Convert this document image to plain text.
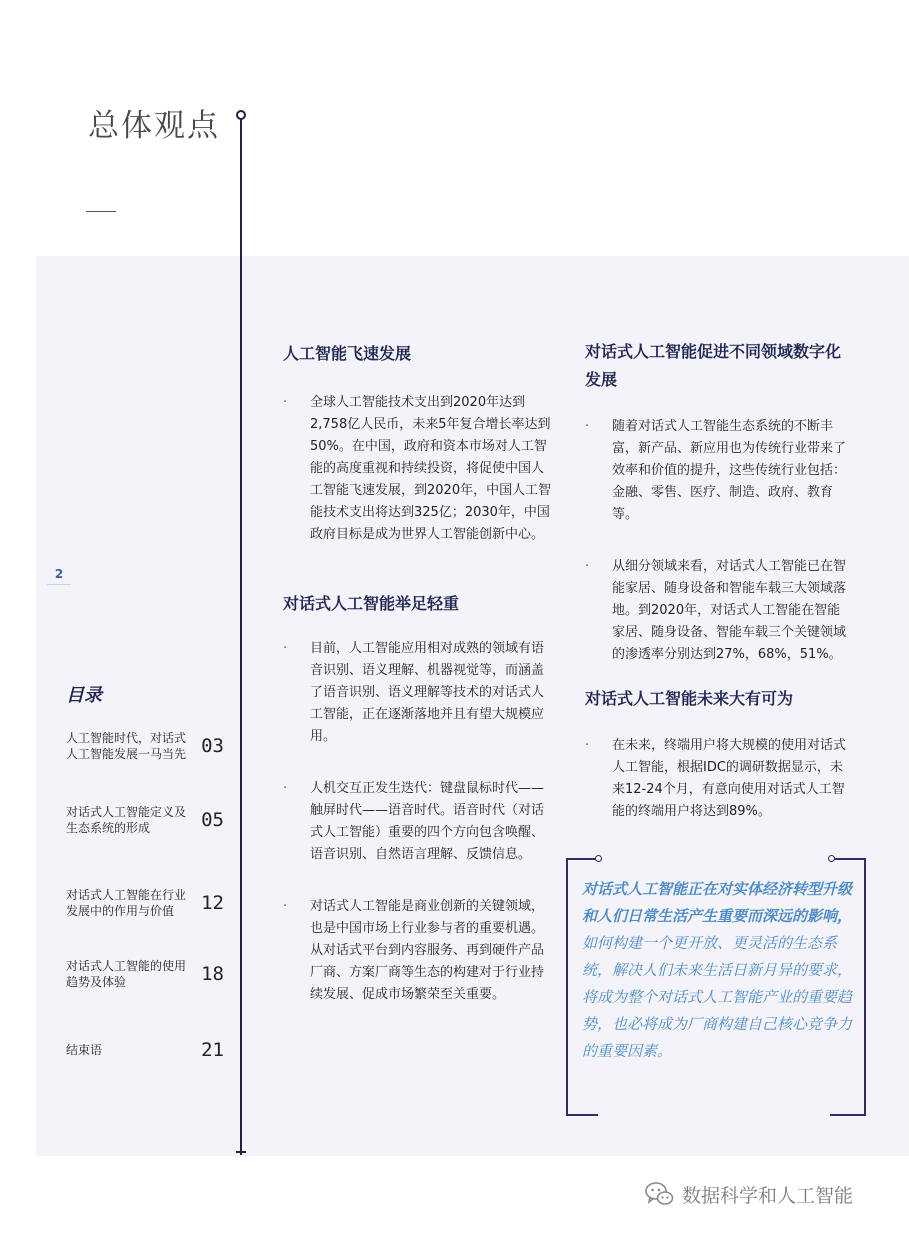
总体观点
2
目录
人工智能时代，对话式人工智能发展一马当先 03
对话式人工智能定义及生态系统的形成	05
对话式人工智能在行业发展中的作用与价值	12
对话式人工智能的使用趋势及体验	18
结束语	21
人工智能飞速发展
· 全球人工智能技术支出到2020年达到2,758亿人民币，未来5年复合增长率达到50%。在中国，政府和资本市场对人工智能的高度重视和持续投资，将促使中国人工智能飞速发展，到2020年，中国人工智能技术支出将达到325亿；2030年，中国政府目标是成为世界人工智能创新中心。
对话式人工智能举足轻重
· 目前，人工智能应用相对成熟的领域有语音识别、语义理解、机器视觉等，而涵盖了语音识别、语义理解等技术的对话式人工智能，正在逐渐落地并且有望大规模应用。
· 人机交互正发生迭代：键盘鼠标时代——触屏时代——语音时代。语音时代（对话式人工智能）重要的四个方向包含唤醒、语音识别、自然语言理解、反馈信息。
· 对话式人工智能是商业创新的关键领域，也是中国市场上行业参与者的重要机遇。从对话式平台到内容服务、再到硬件产品厂商、方案厂商等生态的构建对于行业持续发展、促成市场繁荣至关重要。
对话式人工智能促进不同领域数字化发展
· 随着对话式人工智能生态系统的不断丰富，新产品、新应用也为传统行业带来了效率和价值的提升，这些传统行业包括：金融、零售、医疗、制造、政府、教育等。
· 从细分领域来看，对话式人工智能已在智能家居、随身设备和智能车载三大领域落地。到2020年，对话式人工智能在智能家居、随身设备、智能车载三个关键领域的渗透率分别达到27%，68%，51%。
对话式人工智能未来大有可为
· 在未来，终端用户将大规模的使用对话式人工智能，根据IDC的调研数据显示，未来12-24个月，有意向使用对话式人工智能的终端用户将达到89%。
对话式人工智能正在对实体经济转型升级和人们日常生活产生重要而深远的影响，如何构建一个更开放、更灵活的生态系统，解决人们未来生活日新月异的要求，将成为整个对话式人工智能产业的重要趋势，也必将成为厂商构建自己核心竞争力的重要因素。
数据科学和人工智能
